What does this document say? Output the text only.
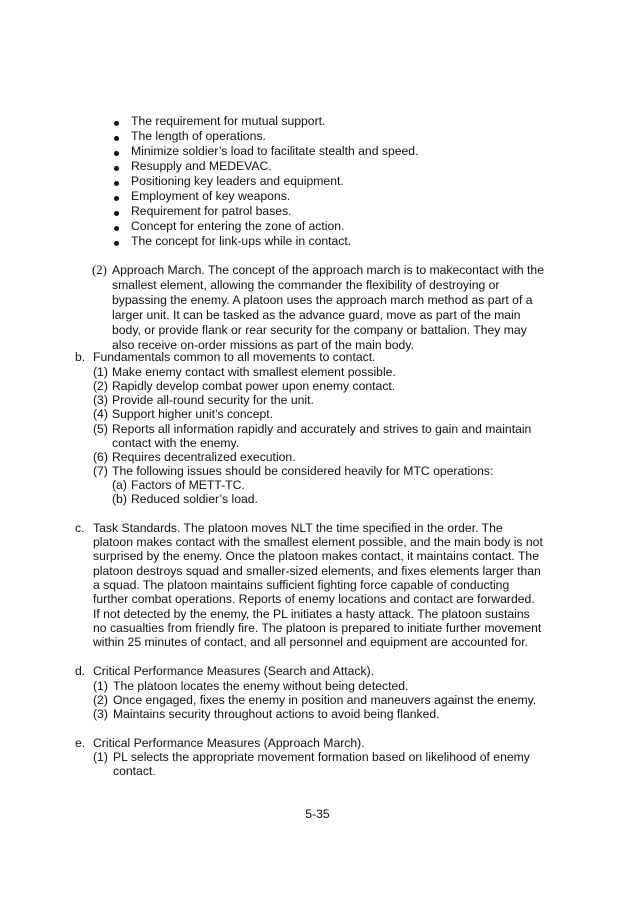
The requirement for mutual support.
The length of operations.
Minimize soldier’s load to facilitate stealth and speed.
Resupply and MEDEVAC.
Positioning key leaders and equipment.
Employment of key weapons.
Requirement for patrol bases.
Concept for entering the zone of action.
The concept for link-ups while in contact.
(2) Approach March. The concept of the approach march is to makecontact with the
smallest element, allowing the commander the flexibility of destroying or
bypassing the enemy. A platoon uses the approach march method as part of a
larger unit. It can be tasked as the advance guard, move as part of the main
body, or provide flank or rear security for the company or battalion. They may
also receive on-order missions as part of the main body.
b. Fundamentals common to all movements to contact.
(1) Make enemy contact with smallest element possible.
(2) Rapidly develop combat power upon enemy contact.
(3) Provide all-round security for the unit.
(4) Support higher unit’s concept.
(5) Reports all information rapidly and accurately and strives to gain and maintain
contact with the enemy.
(6) Requires decentralized execution.
(7) The following issues should be considered heavily for MTC operations:
(a) Factors of METT-TC.
(b) Reduced soldier’s load.
c. Task Standards. The platoon moves NLT the time specified in the order. The
platoon makes contact with the smallest element possible, and the main body is not
surprised by the enemy. Once the platoon makes contact, it maintains contact. The
platoon destroys squad and smaller-sized elements, and fixes elements larger than
a squad. The platoon maintains sufficient fighting force capable of conducting
further combat operations. Reports of enemy locations and contact are forwarded.
If not detected by the enemy, the PL initiates a hasty attack. The platoon sustains
no casualties from friendly fire. The platoon is prepared to initiate further movement
within 25 minutes of contact, and all personnel and equipment are accounted for.
d. Critical Performance Measures (Search and Attack).
(1) The platoon locates the enemy without being detected.
(2) Once engaged, fixes the enemy in position and maneuvers against the enemy.
(3) Maintains security throughout actions to avoid being flanked.
e. Critical Performance Measures (Approach March).
(1) PL selects the appropriate movement formation based on likelihood of enemy
contact.
5-35
